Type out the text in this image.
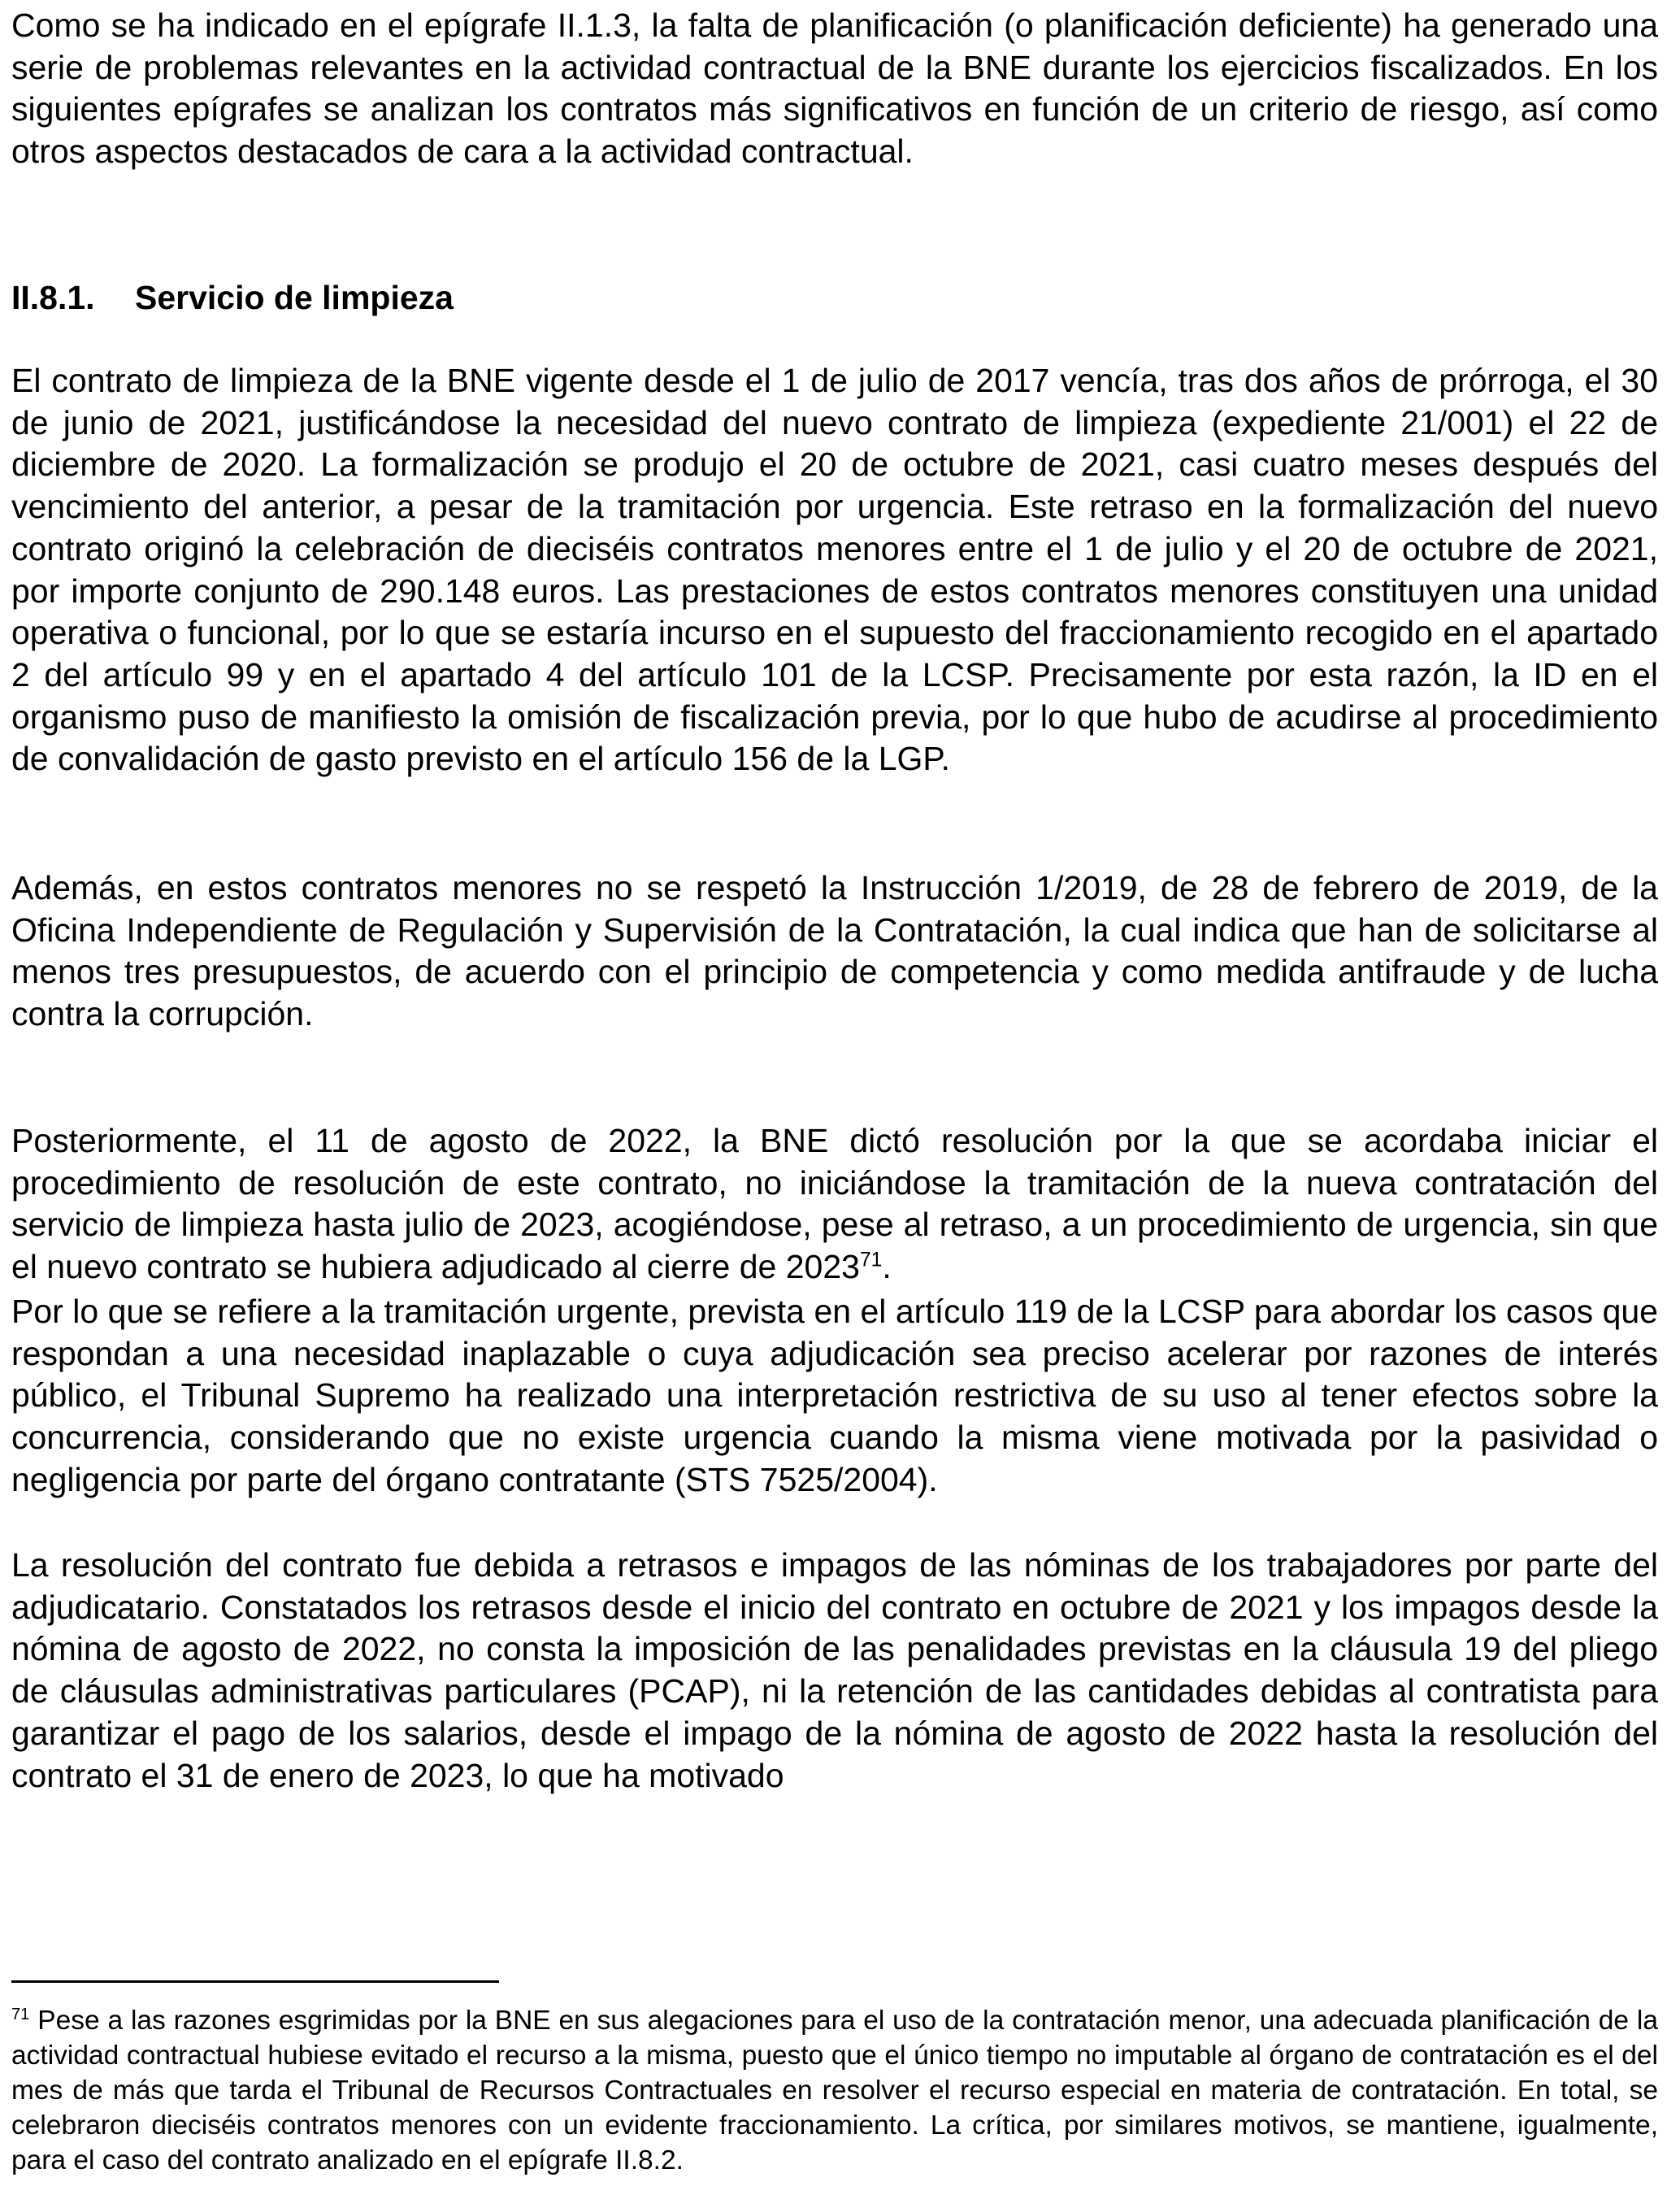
Como se ha indicado en el epígrafe II.1.3, la falta de planificación (o planificación deficiente) ha generado una serie de problemas relevantes en la actividad contractual de la BNE durante los ejercicios fiscalizados. En los siguientes epígrafes se analizan los contratos más significativos en función de un criterio de riesgo, así como otros aspectos destacados de cara a la actividad contractual.

II.8.1. Servicio de limpieza

El contrato de limpieza de la BNE vigente desde el 1 de julio de 2017 vencía, tras dos años de prórroga, el 30 de junio de 2021, justificándose la necesidad del nuevo contrato de limpieza (expediente 21/001) el 22 de diciembre de 2020. La formalización se produjo el 20 de octubre de 2021, casi cuatro meses después del vencimiento del anterior, a pesar de la tramitación por urgencia. Este retraso en la formalización del nuevo contrato originó la celebración de dieciséis contratos menores entre el 1 de julio y el 20 de octubre de 2021, por importe conjunto de 290.148 euros. Las prestaciones de estos contratos menores constituyen una unidad operativa o funcional, por lo que se estaría incurso en el supuesto del fraccionamiento recogido en el apartado 2 del artículo 99 y en el apartado 4 del artículo 101 de la LCSP. Precisamente por esta razón, la ID en el organismo puso de manifiesto la omisión de fiscalización previa, por lo que hubo de acudirse al procedimiento de convalidación de gasto previsto en el artículo 156 de la LGP.

Además, en estos contratos menores no se respetó la Instrucción 1/2019, de 28 de febrero de 2019, de la Oficina Independiente de Regulación y Supervisión de la Contratación, la cual indica que han de solicitarse al menos tres presupuestos, de acuerdo con el principio de competencia y como medida antifraude y de lucha contra la corrupción.

Posteriormente, el 11 de agosto de 2022, la BNE dictó resolución por la que se acordaba iniciar el procedimiento de resolución de este contrato, no iniciándose la tramitación de la nueva contratación del servicio de limpieza hasta julio de 2023, acogiéndose, pese al retraso, a un procedimiento de urgencia, sin que el nuevo contrato se hubiera adjudicado al cierre de 2023$^{71}$.

Por lo que se refiere a la tramitación urgente, prevista en el artículo 119 de la LCSP para abordar los casos que respondan a una necesidad inaplazable o cuya adjudicación sea preciso acelerar por razones de interés público, el Tribunal Supremo ha realizado una interpretación restrictiva de su uso al tener efectos sobre la concurrencia, considerando que no existe urgencia cuando la misma viene motivada por la pasividad o negligencia por parte del órgano contratante (STS 7525/2004).

La resolución del contrato fue debida a retrasos e impagos de las nóminas de los trabajadores por parte del adjudicatario. Constatados los retrasos desde el inicio del contrato en octubre de 2021 y los impagos desde la nómina de agosto de 2022, no consta la imposición de las penalidades previstas en la cláusula 19 del pliego de cláusulas administrativas particulares (PCAP), ni la retención de las cantidades debidas al contratista para garantizar el pago de los salarios, desde el impago de la nómina de agosto de 2022 hasta la resolución del contrato el 31 de enero de 2023, lo que ha motivado

$^{71}$ Pese a las razones esgrimidas por la BNE en sus alegaciones para el uso de la contratación menor, una adecuada planificación de la actividad contractual hubiese evitado el recurso a la misma, puesto que el único tiempo no imputable al órgano de contratación es el del mes de más que tarda el Tribunal de Recursos Contractuales en resolver el recurso especial en materia de contratación. En total, se celebraron dieciséis contratos menores con un evidente fraccionamiento. La crítica, por similares motivos, se mantiene, igualmente, para el caso del contrato analizado en el epígrafe II.8.2.
